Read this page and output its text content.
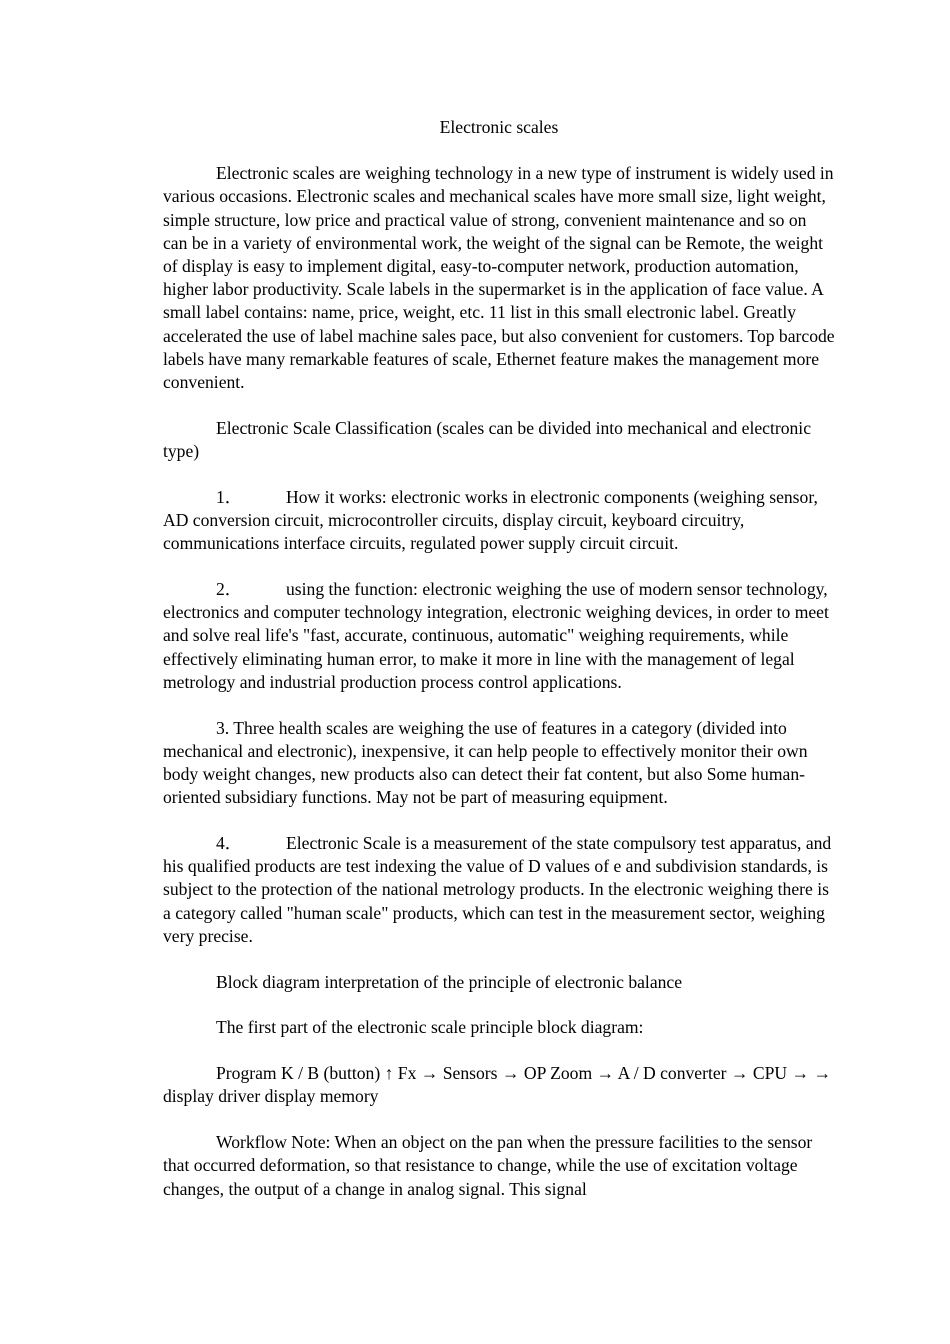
Electronic scales

Electronic scales are weighing technology in a new type of instrument is widely used in various occasions. Electronic scales and mechanical scales have more small size, light weight, simple structure, low price and practical value of strong, convenient maintenance and so on can be in a variety of environmental work, the weight of the signal can be Remote, the weight of display is easy to implement digital, easy-to-computer network, production automation, higher labor productivity. Scale labels in the supermarket is in the application of face value. A small label contains: name, price, weight, etc. 11 list in this small electronic label. Greatly accelerated the use of label machine sales pace, but also convenient for customers. Top barcode labels have many remarkable features of scale, Ethernet feature makes the management more convenient.

Electronic Scale Classification (scales can be divided into mechanical and electronic type)

1． How it works: electronic works in electronic components (weighing sensor, AD conversion circuit, microcontroller circuits, display circuit, keyboard circuitry, communications interface circuits, regulated power supply circuit circuit.

2． using the function: electronic weighing the use of modern sensor technology, electronics and computer technology integration, electronic weighing devices, in order to meet and solve real life's "fast, accurate, continuous, automatic" weighing requirements, while effectively eliminating human error, to make it more in line with the management of legal metrology and industrial production process control applications.

3. Three health scales are weighing the use of features in a category (divided into mechanical and electronic), inexpensive, it can help people to effectively monitor their own body weight changes, new products also can detect their fat content, but also Some human-oriented subsidiary functions. May not be part of measuring equipment.

4． Electronic Scale is a measurement of the state compulsory test apparatus, and his qualified products are test indexing the value of D values of e and subdivision standards, is subject to the protection of the national metrology products. In the electronic weighing there is a category called "human scale" products, which can test in the measurement sector, weighing very precise.

Block diagram interpretation of the principle of electronic balance

The first part of the electronic scale principle block diagram:

Program K / B (button) ↑ Fx → Sensors → OP Zoom → A / D converter → CPU → → display driver display memory

Workflow Note: When an object on the pan when the pressure facilities to the sensor that occurred deformation, so that resistance to change, while the use of excitation voltage changes, the output of a change in analog signal. This signal
